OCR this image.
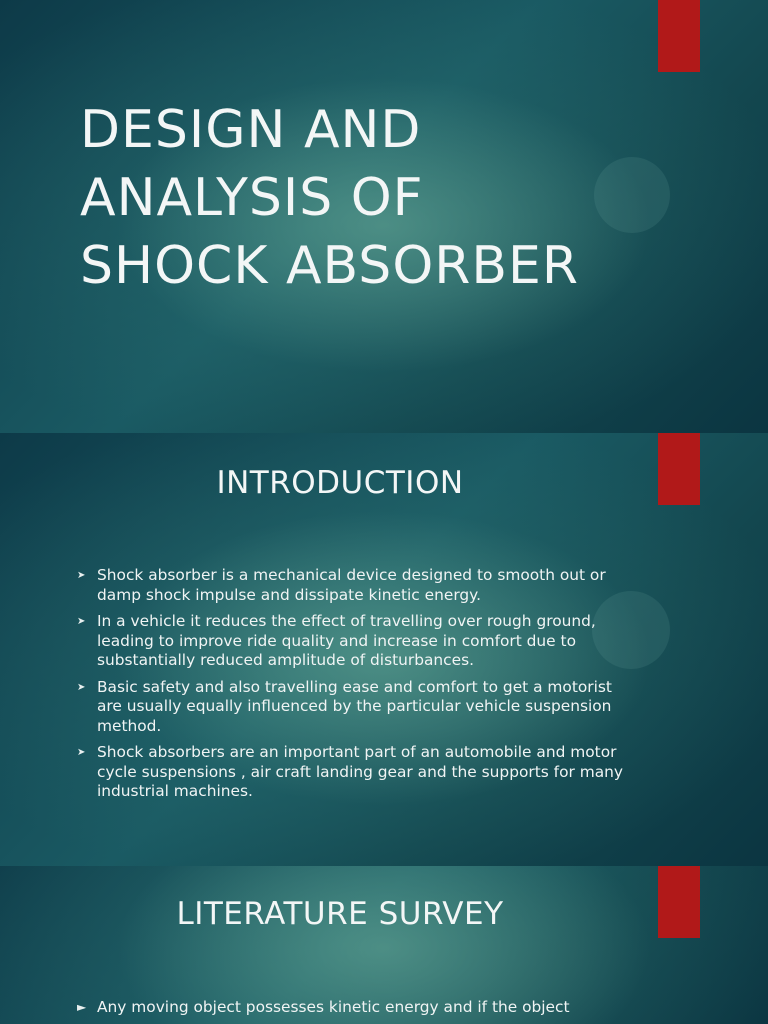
DESIGN AND
ANALYSIS OF
SHOCK ABSORBER
INTRODUCTION
➤ Shock absorber is a mechanical device designed to smooth out or damp shock impulse and dissipate kinetic energy.
➤ In a vehicle it reduces the effect of travelling over rough ground, leading to improve ride quality and increase in comfort due to substantially reduced amplitude of disturbances.
➤ Basic safety and also travelling ease and comfort to get a motorist are usually equally influenced by the particular vehicle suspension method.
➤ Shock absorbers are an important part of an automobile and motor cycle suspensions , air craft landing gear and the supports for many industrial machines.
LITERATURE SURVEY
► Any moving object possesses kinetic energy and if the object
